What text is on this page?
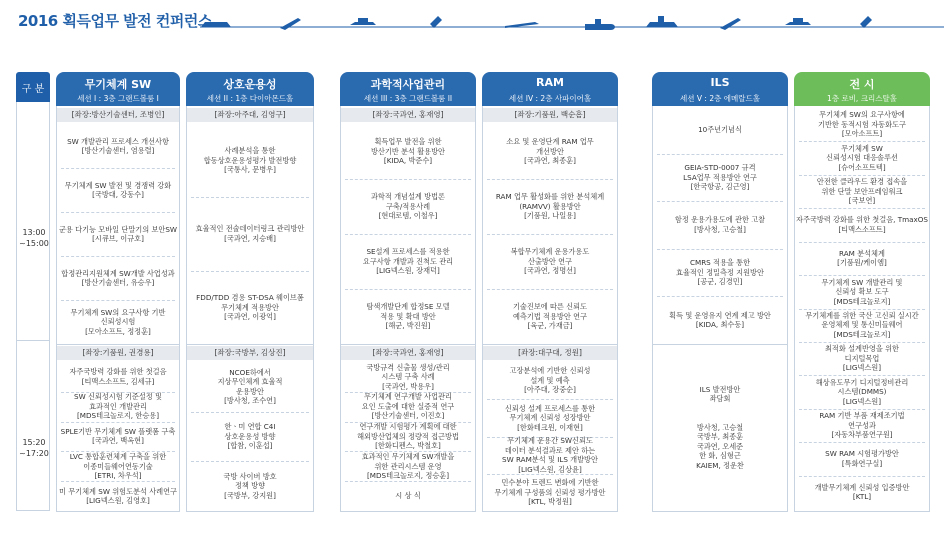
2016 획득업무 발전 컨퍼런스
구 분
13:00
~15:00
15:20
~17:20
무기체계 SW
세션 I : 3층 그랜드볼룸 I
[좌장:방산기술센터, 조병인]
SW 개발관리 프로세스 개선사항
[방산기술센터, 염용렬]
무기체계 SW 발전 및 경쟁력 강화
[국방대, 강동수]
군용 다기능 모바일 단말기의 보안SW
[시큐브, 이규호]
합정관리지원체계 SW개발 사업성과
[방산기술센터, 유승우]
무기체계 SW의 요구사항 기반
신뢰성시험
[모아소프트, 정정훈]
[좌장:기품원, 권경용]
자주국방력 강화를 위한 첫걸음
[티맥스소프트, 김세규]
SW 신뢰성시험 기준설정 및
효과적인 개발관리
[MDS테크놀로지, 한승용]
SPLE기반 무기체계 SW 플랫폼 구축
[국과연, 백옥현]
LVC 통합훈련체계 구축을 위한
이종미들웨어연동기술
[ETRI, 차우석]
미 무기체계 SW 위험도분석 사례연구
[LIG넥스원, 김영호]
상호운용성
세션 II : 1층 다이아몬드홀
[좌장:아주대, 김영구]
사례분석을 통한
합동상호운용성평가 발전방향
[국통사, 문병우]
효율적인 전술데이터링크 관리방안
[국과연, 지승배]
FDD/TDD 겸용 ST-DSA 웨이브폼
무기체계 적용방안
[국과연, 이광억]
[좌장:국방부, 김상진]
NCOE하에서
지상무인체계 효율적
운용방안
[방사청, 조수연]
한ㆍ미 연합 C4I
상호운용성 방향
[합참, 이훈섭]
국방 사이버 방호
정책 방향
[국방부, 강지원]
과학적사업관리
세션 III : 3층 그랜드볼룸 II
[좌장:국과연, 홍재영]
획득업무 발전을 위한
방산기반 분석 활용방안
[KIDA, 박준수]
과학적 개념설계 방법론
구축/적용사례
[현대로템, 이철우]
SE설계 프로세스를 적용한
요구사항 개발과 진척도 관리
[LIG넥스원, 장재덕]
탐색개발단계 합정SE 모델
적용 및 확대 방안
[해군, 박진원]
[좌장:국과연, 홍재영]
국방규격 신출물 생성/관리
시스템 구축 사례
[국과연, 박용우]
무기체계 연구개발 사업관리
요인 도출에 대한 실증적 연구
[방산기술센터, 이진호]
연구개발 시험평가 계획에 대한
해외방산업체의 정량적 접근방법
[한화디펜스, 박철호]
효과적인 무기체계 SW개발을
위한 관리시스템 운영
[MDS테크놀로지, 정승훈]
시 상 식
RAM
세션 IV : 2층 사파이어홀
[좌장:기품원, 백순흠]
소요 및 운영단계 RAM 업무
개선방안
[국과연, 최종훈]
RAM 업무 활성화를 위한 분석체계
(RAMVV) 활용방안
[기품원, 나일용]
복합무기체계 운용가용도
산출방안 연구
[국과연, 정명선]
기술진보에 따른 신뢰도
예측기법 적용방안 연구
[육군, 가재금]
[좌장:대구대, 정원]
고장분석에 기반한 신뢰성
설계 및 예측
[아주대, 장중순]
신뢰성 설계 프로세스를 통한
무기체계 신뢰성 성장방안
[한화테크윈, 이재현]
무기체계 운용간 SW신뢰도
데이터 분석결과로 제안 하는
SW RAM분석 및 ILS 개발방안
[LIG넥스원, 김상윤]
민수분야 트렌드 변화에 기반한
무기체계 구성품의 신뢰성 평가방안
[KTL, 박정원]
ILS
세션 V : 2층 에메랄드홀
10주년기념식
GEIA-STD-0007 규격
LSA업무 적용방안 연구
[한국항공, 김근영]
함정 운용가용도에 관한 고찰
[방사청, 고승철]
CMRS 적용을 통한
효율적인 정밀측정 지원방안
[공군, 김경민]
획득 및 운영유지 연계 제고 방안
[KIDA, 최수동]
ILS 발전방안
좌담회

방사청, 고승철
국방부, 최종훈
국과연, 오세준
한 화, 심형근
KAIEM, 정운찬
전 시
1층 로비, 크리스탈홀
무기체계 SW의 요구사항에
기반한 동적시험 자동화도구
[모아소프트]
무기체계 SW
신뢰성시험 대응솔루션
[슈어소프트텍]
안전한 클라우드 환경 접속을
위한 단말 보안프레임워크
[국보연]
자주국방력 강화를 위한 첫걸음, TmaxOS
[티맥스소프트]
RAM 분석체계
[기품원/케이엠]
무기체계 SW 개발관리 및
신뢰성 확보 도구
[MDS테크놀로지]
무기체계를 위한 국산 고신뢰 실시간
운영체제 및 통신미들웨어
[MDS테크놀로지]
최적화 설계반영을 위한
디지털목업
[LIG넥스원]
해상유도무기 디지털정비관리
시스템(DMMS)
[LIG넥스원]
RAM 기반 부품 재제조기법
연구성과
[자동차부품연구원]
SW RAM 시험평가방안
[특화연구실]
개발무기체계 신뢰성 입증방안
[KTL]
